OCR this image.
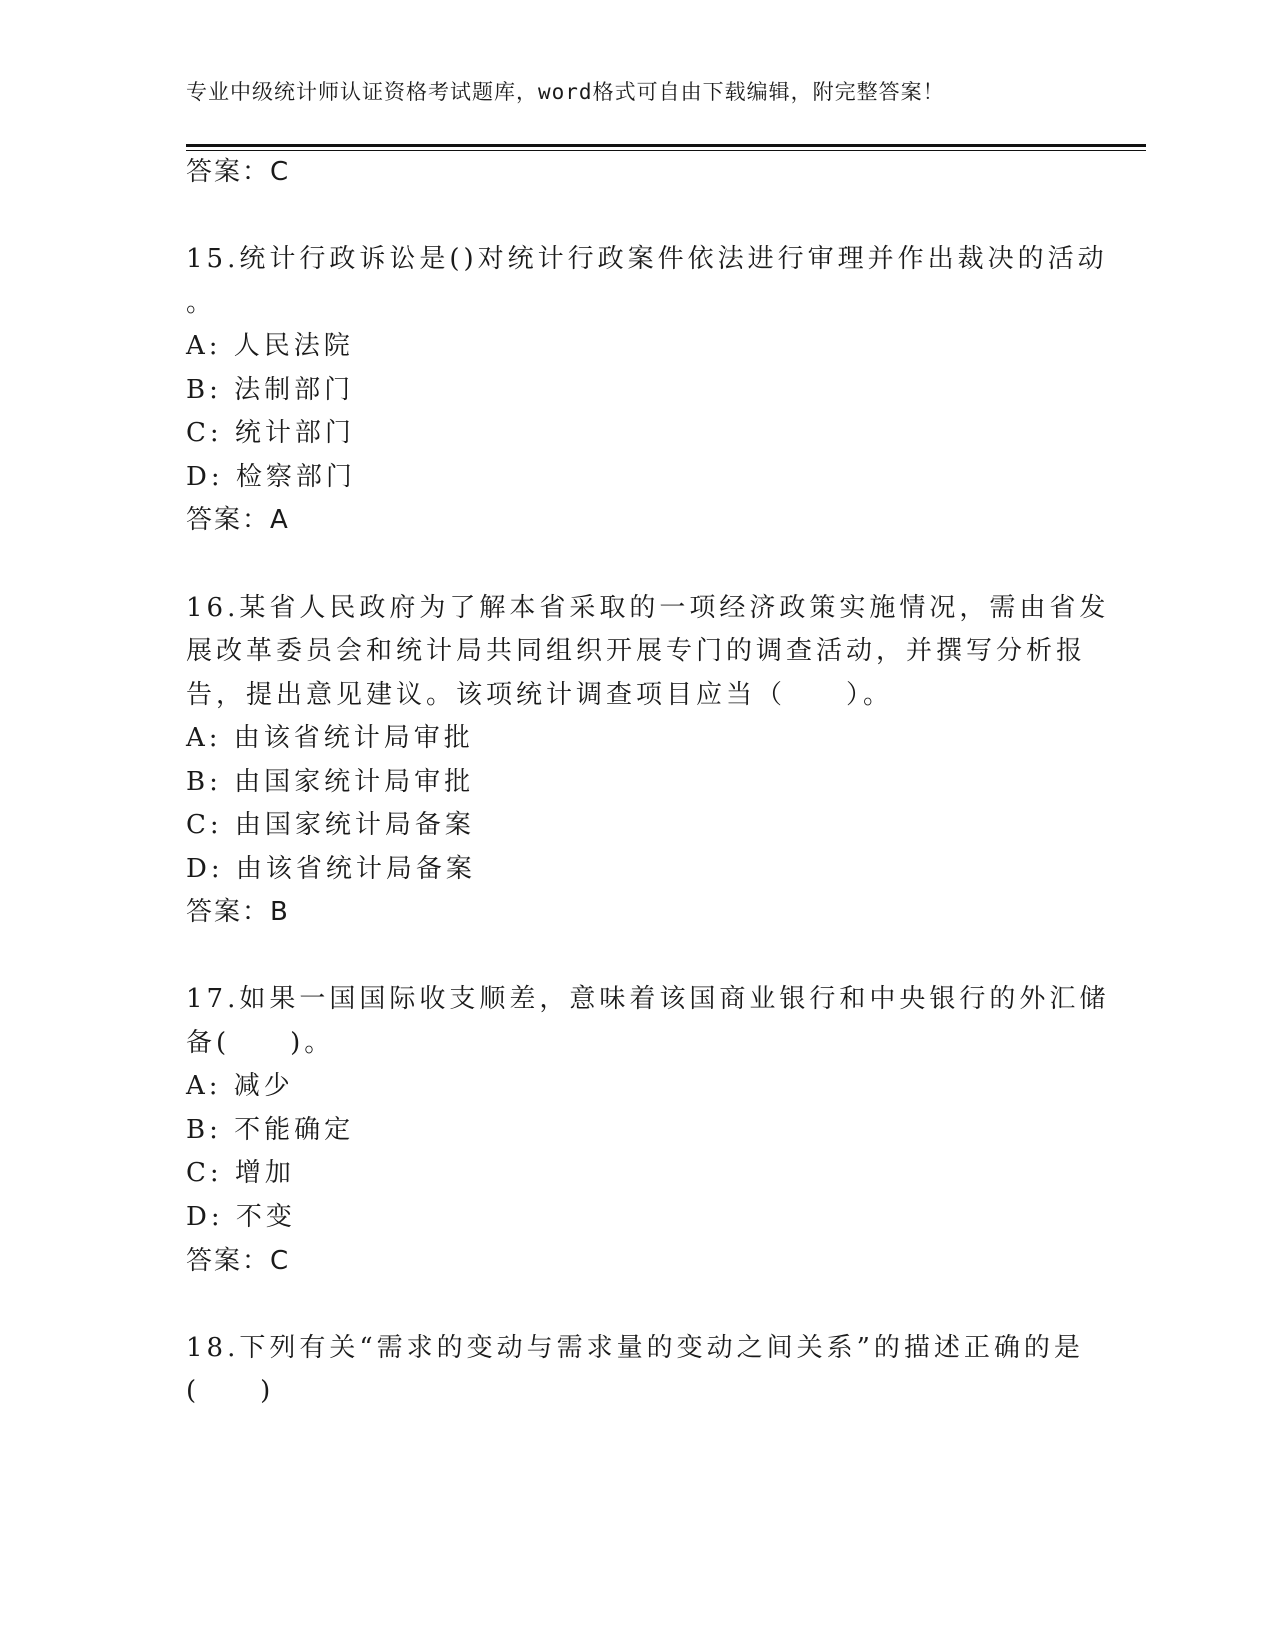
专业中级统计师认证资格考试题库，word格式可自由下载编辑，附完整答案！
答案：C
15.统计行政诉讼是()对统计行政案件依法进行审理并作出裁决的活动
。
A: 人民法院
B: 法制部门
C: 统计部门
D: 检察部门
答案：A
16.某省人民政府为了解本省采取的一项经济政策实施情况，需由省发
展改革委员会和统计局共同组织开展专门的调查活动，并撰写分析报
告，提出意见建议。该项统计调查项目应当（　　）。
A: 由该省统计局审批
B: 由国家统计局审批
C: 由国家统计局备案
D: 由该省统计局备案
答案：B
17.如果一国国际收支顺差，意味着该国商业银行和中央银行的外汇储
备(　　)。
A: 减少
B: 不能确定
C: 增加
D: 不变
答案：C
18.下列有关“需求的变动与需求量的变动之间关系”的描述正确的是
(　　)
